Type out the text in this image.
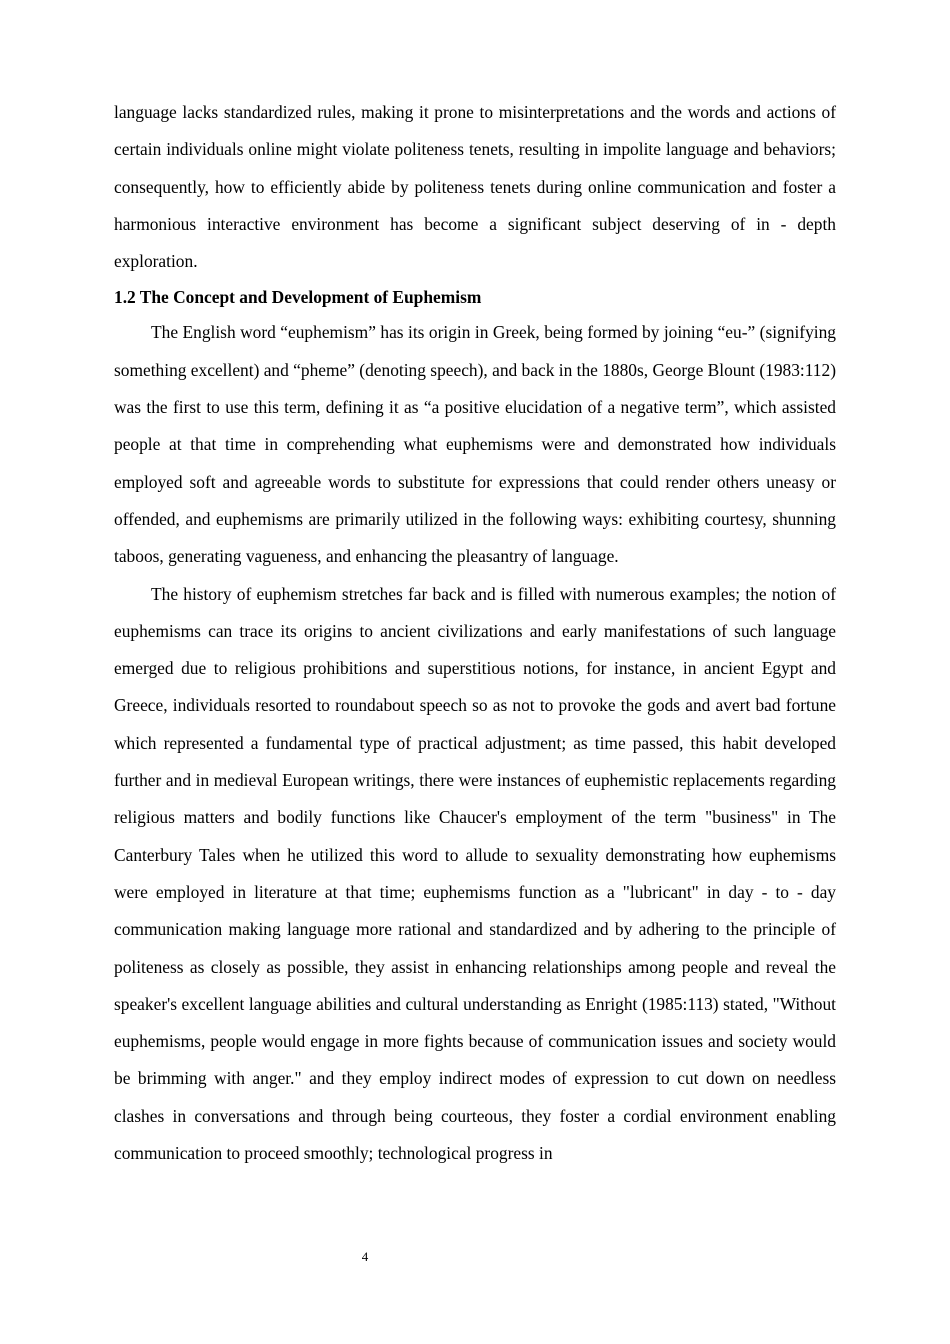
language lacks standardized rules, making it prone to misinterpretations and the words and actions of certain individuals online might violate politeness tenets, resulting in impolite language and behaviors; consequently, how to efficiently abide by politeness tenets during online communication and foster a harmonious interactive environment has become a significant subject deserving of in - depth exploration.

1.2 The Concept and Development of Euphemism

The English word “euphemism” has its origin in Greek, being formed by joining “eu-” (signifying something excellent) and “pheme” (denoting speech), and back in the 1880s, George Blount (1983:112) was the first to use this term, defining it as “a positive elucidation of a negative term”, which assisted people at that time in comprehending what euphemisms were and demonstrated how individuals employed soft and agreeable words to substitute for expressions that could render others uneasy or offended, and euphemisms are primarily utilized in the following ways: exhibiting courtesy, shunning taboos, generating vagueness, and enhancing the pleasantry of language.

The history of euphemism stretches far back and is filled with numerous examples; the notion of euphemisms can trace its origins to ancient civilizations and early manifestations of such language emerged due to religious prohibitions and superstitious notions, for instance, in ancient Egypt and Greece, individuals resorted to roundabout speech so as not to provoke the gods and avert bad fortune which represented a fundamental type of practical adjustment; as time passed, this habit developed further and in medieval European writings, there were instances of euphemistic replacements regarding religious matters and bodily functions like Chaucer's employment of the term "business" in The Canterbury Tales when he utilized this word to allude to sexuality demonstrating how euphemisms were employed in literature at that time; euphemisms function as a "lubricant" in day - to - day communication making language more rational and standardized and by adhering to the principle of politeness as closely as possible, they assist in enhancing relationships among people and reveal the speaker's excellent language abilities and cultural understanding as Enright (1985:113) stated, "Without euphemisms, people would engage in more fights because of communication issues and society would be brimming with anger." and they employ indirect modes of expression to cut down on needless clashes in conversations and through being courteous, they foster a cordial environment enabling communication to proceed smoothly; technological progress in

4
